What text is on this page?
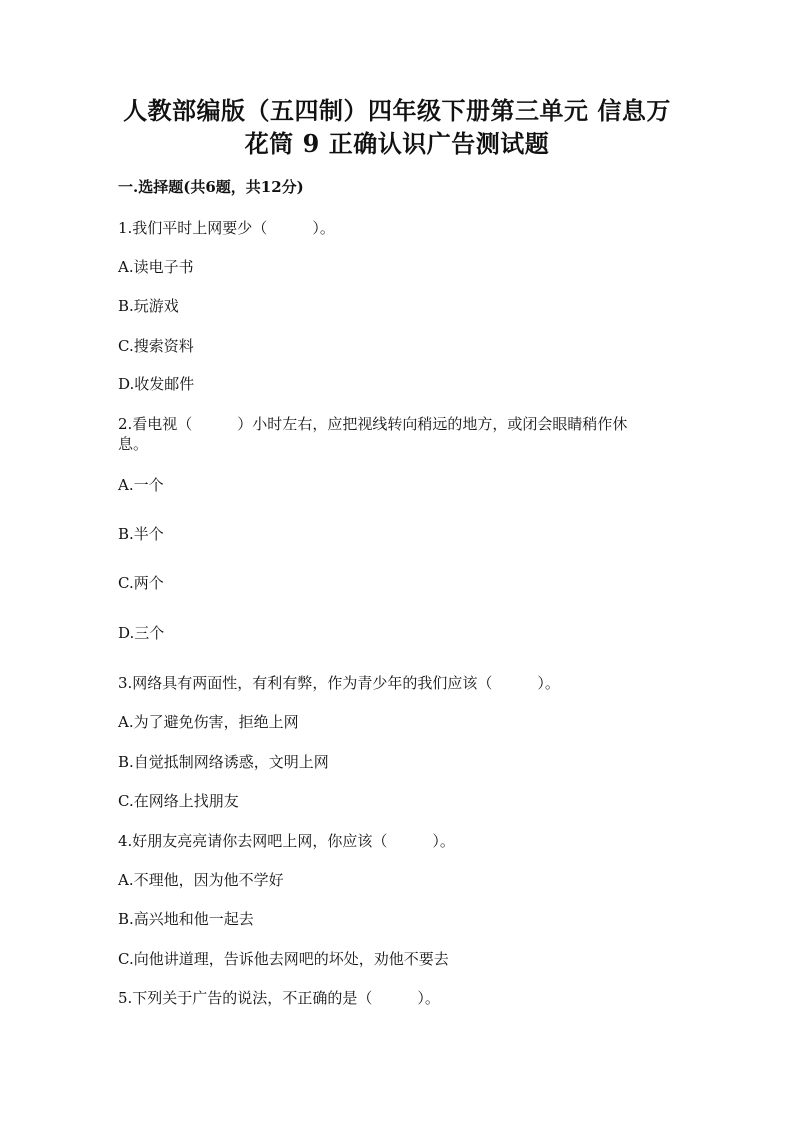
人教部编版（五四制）四年级下册第三单元 信息万
花筒 9 正确认识广告测试题
一.选择题(共6题，共12分)
1.我们平时上网要少（　　　）。
A.读电子书
B.玩游戏
C.搜索资料
D.收发邮件
2.看电视（　　　）小时左右，应把视线转向稍远的地方，或闭会眼睛稍作休
息。
A.一个
B.半个
C.两个
D.三个
3.网络具有两面性，有利有弊，作为青少年的我们应该（　　　）。
A.为了避免伤害，拒绝上网
B.自觉抵制网络诱惑，文明上网
C.在网络上找朋友
4.好朋友亮亮请你去网吧上网，你应该（　　　）。
A.不理他，因为他不学好
B.高兴地和他一起去
C.向他讲道理，告诉他去网吧的坏处，劝他不要去
5.下列关于广告的说法，不正确的是（　　　）。
